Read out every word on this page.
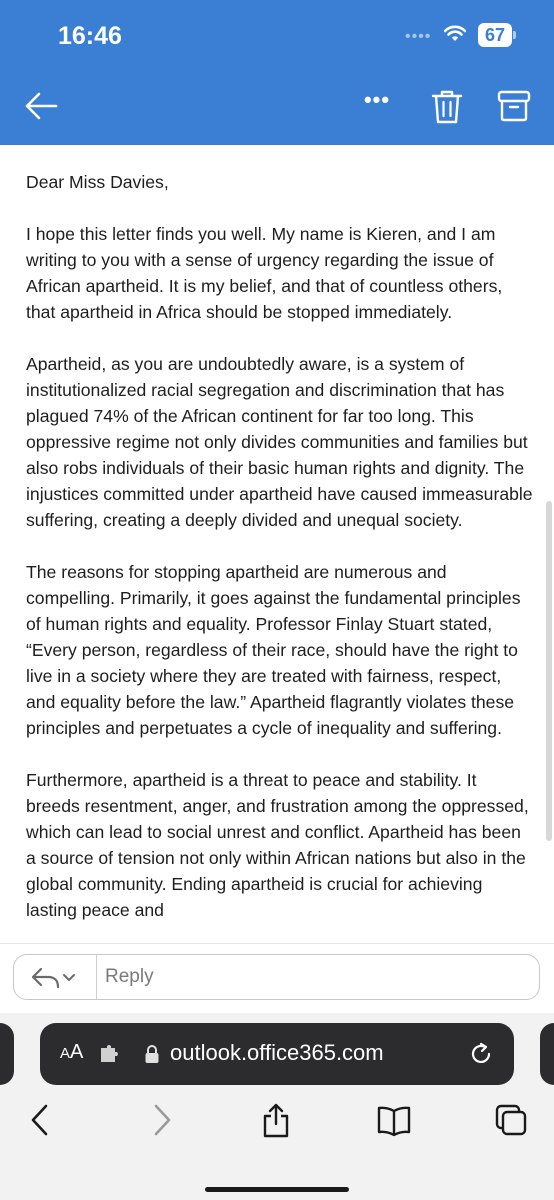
16:46	••••	67
•••

Dear Miss Davies,

I hope this letter finds you well. My name is Kieren, and I am writing to you with a sense of urgency regarding the issue of African apartheid. It is my belief, and that of countless others, that apartheid in Africa should be stopped immediately.

Apartheid, as you are undoubtedly aware, is a system of institutionalized racial segregation and discrimination that has plagued 74% of the African continent for far too long. This oppressive regime not only divides communities and families but also robs individuals of their basic human rights and dignity. The injustices committed under apartheid have caused immeasurable suffering, creating a deeply divided and unequal society.

The reasons for stopping apartheid are numerous and compelling. Primarily, it goes against the fundamental principles of human rights and equality. Professor Finlay Stuart stated, “Every person, regardless of their race, should have the right to live in a society where they are treated with fairness, respect, and equality before the law.” Apartheid flagrantly violates these principles and perpetuates a cycle of inequality and suffering.

Furthermore, apartheid is a threat to peace and stability. It breeds resentment, anger, and frustration among the oppressed, which can lead to social unrest and conflict. Apartheid has been a source of tension not only within African nations but also in the global community. Ending apartheid is crucial for achieving lasting peace and

Reply
AA	outlook.office365.com
